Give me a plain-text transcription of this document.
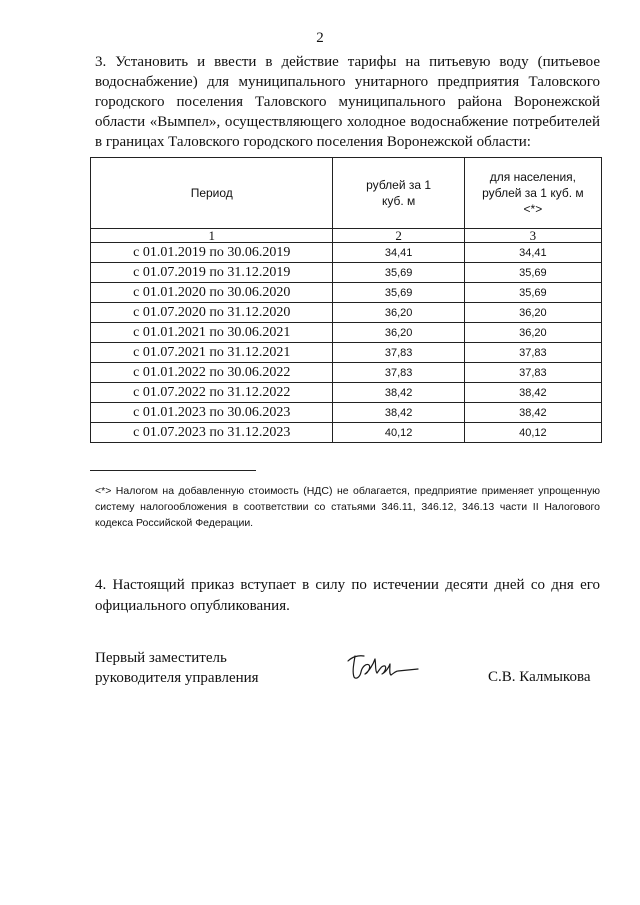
2

3. Установить и ввести в действие тарифы на питьевую воду (питьевое водоснабжение) для муниципального унитарного предприятия Таловского городского поселения Таловского муниципального района Воронежской области «Вымпел», осуществляющего холодное водоснабжение потребителей в границах Таловского городского поселения Воронежской области:

Период	рублей за 1 куб. м	для населения, рублей за 1 куб. м <*>

1	2	3
с 01.01.2019 по 30.06.2019	34,41	34,41
с 01.07.2019 по 31.12.2019	35,69	35,69
с 01.01.2020 по 30.06.2020	35,69	35,69
с 01.07.2020 по 31.12.2020	36,20	36,20
с 01.01.2021 по 30.06.2021	36,20	36,20
с 01.07.2021 по 31.12.2021	37,83	37,83
с 01.01.2022 по 30.06.2022	37,83	37,83
с 01.07.2022 по 31.12.2022	38,42	38,42
с 01.01.2023 по 30.06.2023	38,42	38,42
с 01.07.2023 по 31.12.2023	40,12	40,12

<*> Налогом на добавленную стоимость (НДС) не облагается, предприятие применяет упрощенную систему налогообложения в соответствии со статьями 346.11, 346.12, 346.13 части II Налогового кодекса Российской Федерации.

4. Настоящий приказ вступает в силу по истечении десяти дней со дня его официального опубликования.

Первый заместитель
руководителя управления	С.В. Калмыкова
